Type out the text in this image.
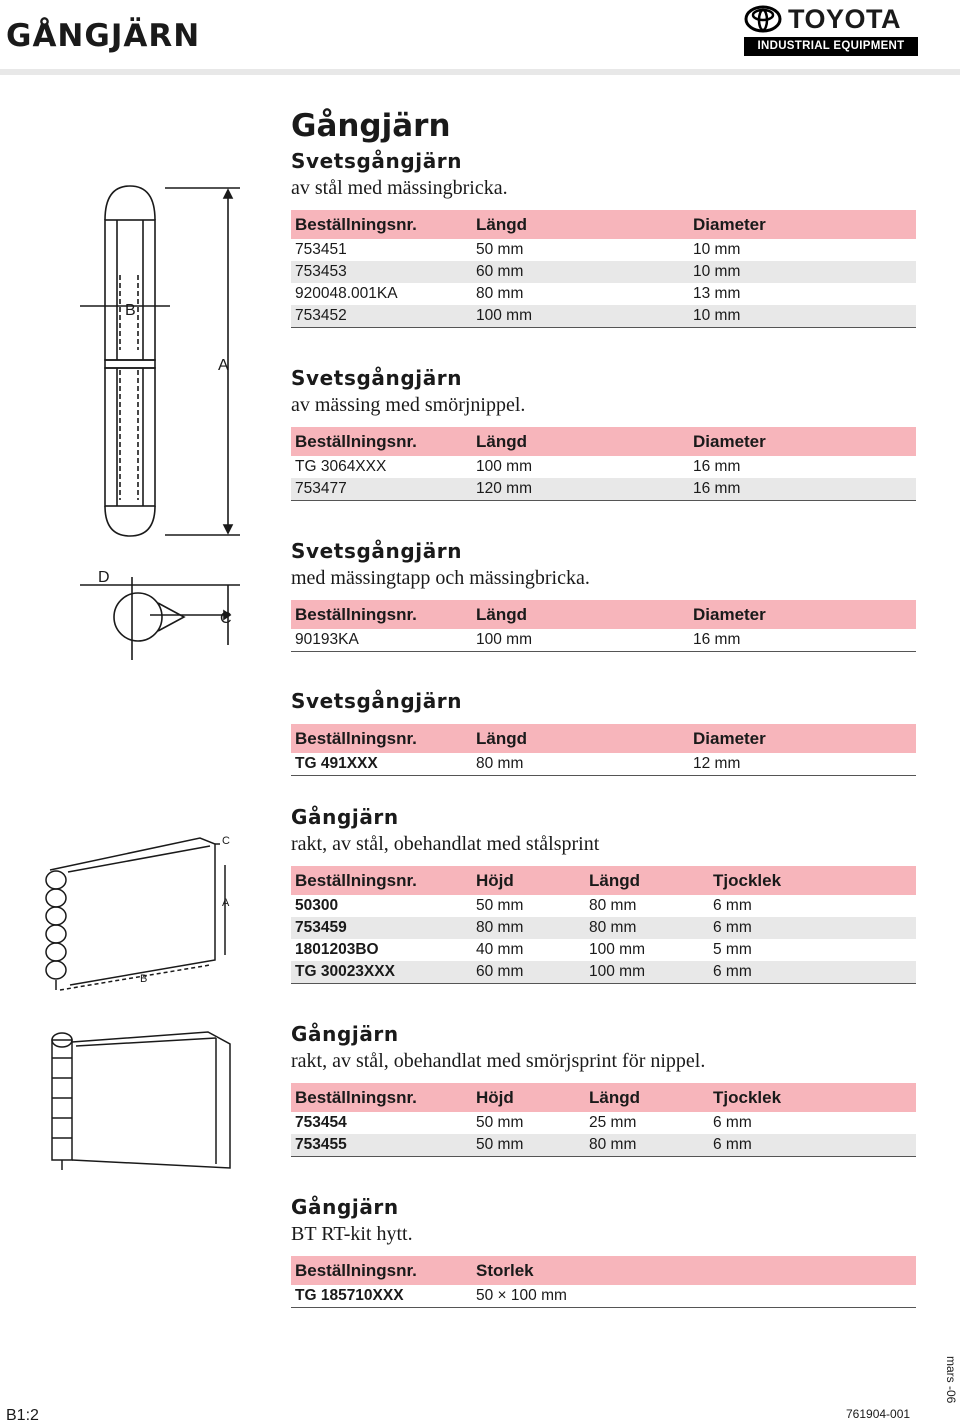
GÅNGJÄRN	TOYOTA
INDUSTRIAL EQUIPMENT
B
A
D
C
C
A
B
Gångjärn
Svetsgångjärn
av stål med mässingbricka.
Beställningsnr.	Längd	Diameter
753451	50 mm	10 mm
753453	60 mm	10 mm
920048.001KA	80 mm	13 mm
753452	100 mm	10 mm
Svetsgångjärn
av mässing med smörjnippel.
Beställningsnr.	Längd	Diameter
TG 3064XXX	100 mm	16 mm
753477	120 mm	16 mm
Svetsgångjärn
med mässingtapp och mässingbricka.
Beställningsnr.	Längd	Diameter
90193KA	100 mm	16 mm
Svetsgångjärn
Beställningsnr.	Längd	Diameter
TG 491XXX	80 mm	12 mm
Gångjärn
rakt, av stål, obehandlat med stålsprint
Beställningsnr.	Höjd	Längd	Tjocklek
50300	50 mm	80 mm	6 mm
753459	80 mm	80 mm	6 mm
1801203BO	40 mm	100 mm	5 mm
TG 30023XXX	60 mm	100 mm	6 mm
Gångjärn
rakt, av stål, obehandlat med smörjsprint för nippel.
Beställningsnr.	Höjd	Längd	Tjocklek
753454	50 mm	25 mm	6 mm
753455	50 mm	80 mm	6 mm
Gångjärn
BT RT-kit hytt.
Beställningsnr.	Storlek
TG 185710XXX	50 × 100 mm
B1:2	761904-001
mars -06
